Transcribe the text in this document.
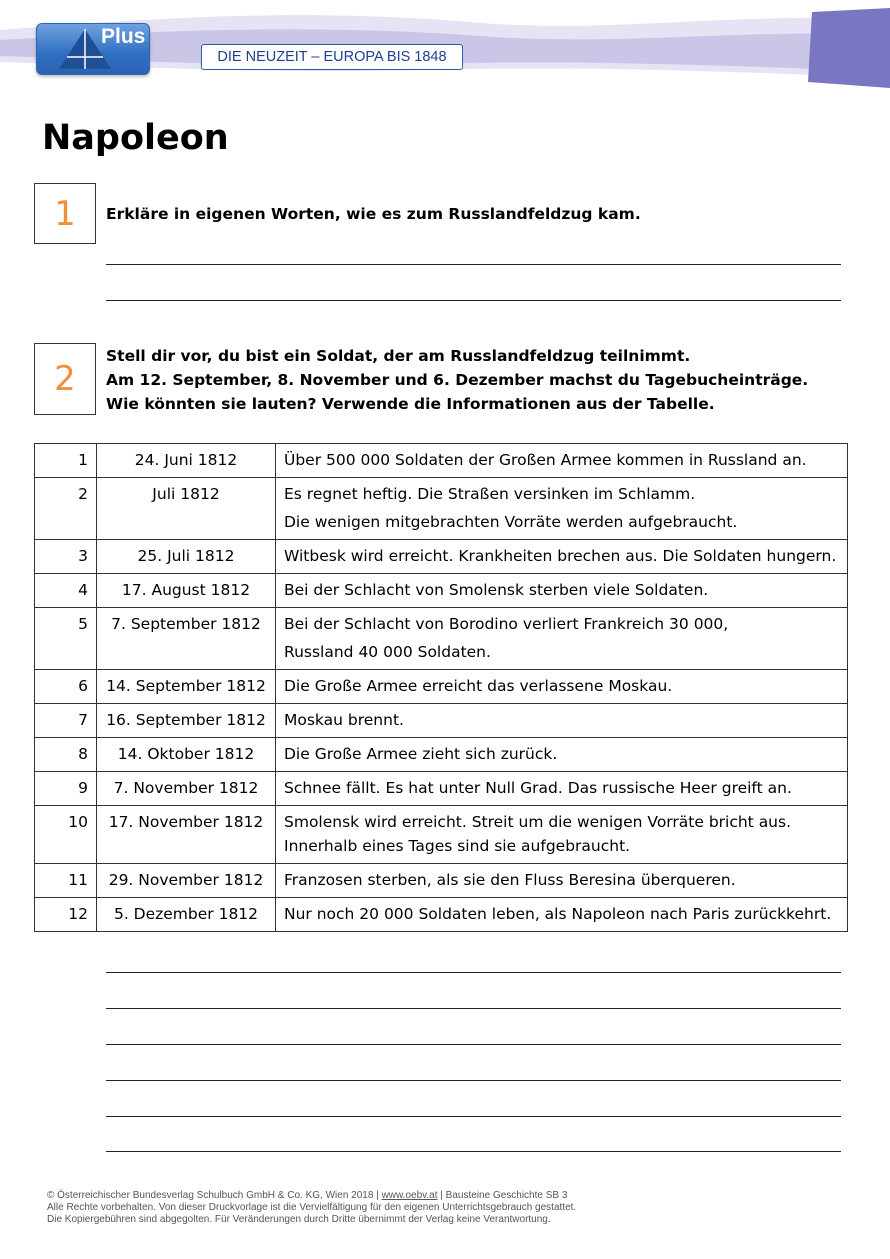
Plus
DIE NEUZEIT – EUROPA BIS 1848
Napoleon
1	Erkläre in eigenen Worten, wie es zum Russlandfeldzug kam.
2
Stell dir vor, du bist ein Soldat, der am Russlandfeldzug teilnimmt.
Am 12. September, 8. November und 6. Dezember machst du Tagebucheinträge.
Wie könnten sie lauten? Verwende die Informationen aus der Tabelle.
1	24. Juni 1812	Über 500 000 Soldaten der Großen Armee kommen in Russland an.

2	Juli 1812	Es regnet heftig. Die Straßen versinken im Schlamm.
Die wenigen mitgebrachten Vorräte werden aufgebraucht.

3	25. Juli 1812	Witbesk wird erreicht. Krankheiten brechen aus. Die Soldaten hungern.

4	17. August 1812	Bei der Schlacht von Smolensk sterben viele Soldaten.

5	7. September 1812	Bei der Schlacht von Borodino verliert Frankreich 30 000,
Russland 40 000 Soldaten.

6	14. September 1812	Die Große Armee erreicht das verlassene Moskau.

7	16. September 1812	Moskau brennt.

8	14. Oktober 1812	Die Große Armee zieht sich zurück.

9	7. November 1812	Schnee fällt. Es hat unter Null Grad. Das russische Heer greift an.

10	17. November 1812	Smolensk wird erreicht. Streit um die wenigen Vorräte bricht aus.
Innerhalb eines Tages sind sie aufgebraucht.

11	29. November 1812	Franzosen sterben, als sie den Fluss Beresina überqueren.

12	5. Dezember 1812	Nur noch 20 000 Soldaten leben, als Napoleon nach Paris zurückkehrt.
© Österreichischer Bundesverlag Schulbuch GmbH & Co. KG, Wien 2018 | www.oebv.at | Bausteine Geschichte SB 3
Alle Rechte vorbehalten. Von dieser Druckvorlage ist die Vervielfältigung für den eigenen Unterrichtsgebrauch gestattet.
Die Kopiergebühren sind abgegolten. Für Veränderungen durch Dritte übernimmt der Verlag keine Verantwortung.
